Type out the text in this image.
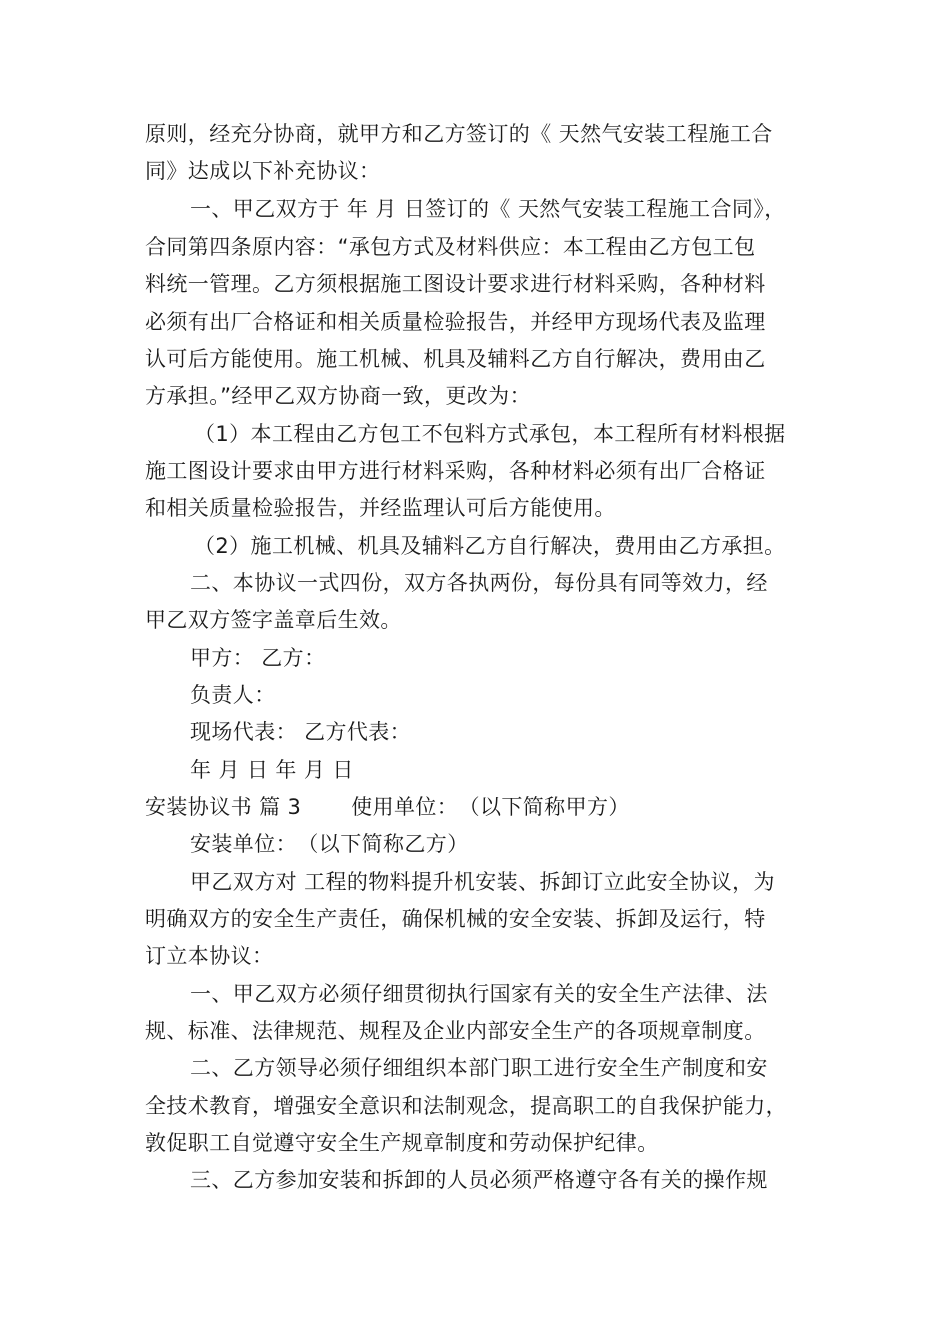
原则，经充分协商，就甲方和乙方签订的《 天然气安装工程施工合
同》达成以下补充协议：
一、甲乙双方于 年 月 日签订的《 天然气安装工程施工合同》，
合同第四条原内容：“承包方式及材料供应：本工程由乙方包工包
料统一管理。乙方须根据施工图设计要求进行材料采购，各种材料
必须有出厂合格证和相关质量检验报告，并经甲方现场代表及监理
认可后方能使用。施工机械、机具及辅料乙方自行解决，费用由乙
方承担。”经甲乙双方协商一致，更改为：
（1）本工程由乙方包工不包料方式承包，本工程所有材料根据
施工图设计要求由甲方进行材料采购，各种材料必须有出厂合格证
和相关质量检验报告，并经监理认可后方能使用。
（2）施工机械、机具及辅料乙方自行解决，费用由乙方承担。
二、本协议一式四份，双方各执两份，每份具有同等效力，经
甲乙双方签字盖章后生效。
甲方： 乙方：
负责人：
现场代表： 乙方代表：
年 月 日 年 月 日
安装协议书 篇 3 　　使用单位：　（以下简称甲方）
安装单位：　（以下简称乙方）
甲乙双方对 工程的物料提升机安装、拆卸订立此安全协议，为
明确双方的安全生产责任，确保机械的安全安装、拆卸及运行，特
订立本协议：
一、甲乙双方必须仔细贯彻执行国家有关的安全生产法律、法
规、标准、法律规范、规程及企业内部安全生产的各项规章制度。
二、乙方领导必须仔细组织本部门职工进行安全生产制度和安
全技术教育，增强安全意识和法制观念，提高职工的自我保护能力，
敦促职工自觉遵守安全生产规章制度和劳动保护纪律。
三、乙方参加安装和拆卸的人员必须严格遵守各有关的操作规
